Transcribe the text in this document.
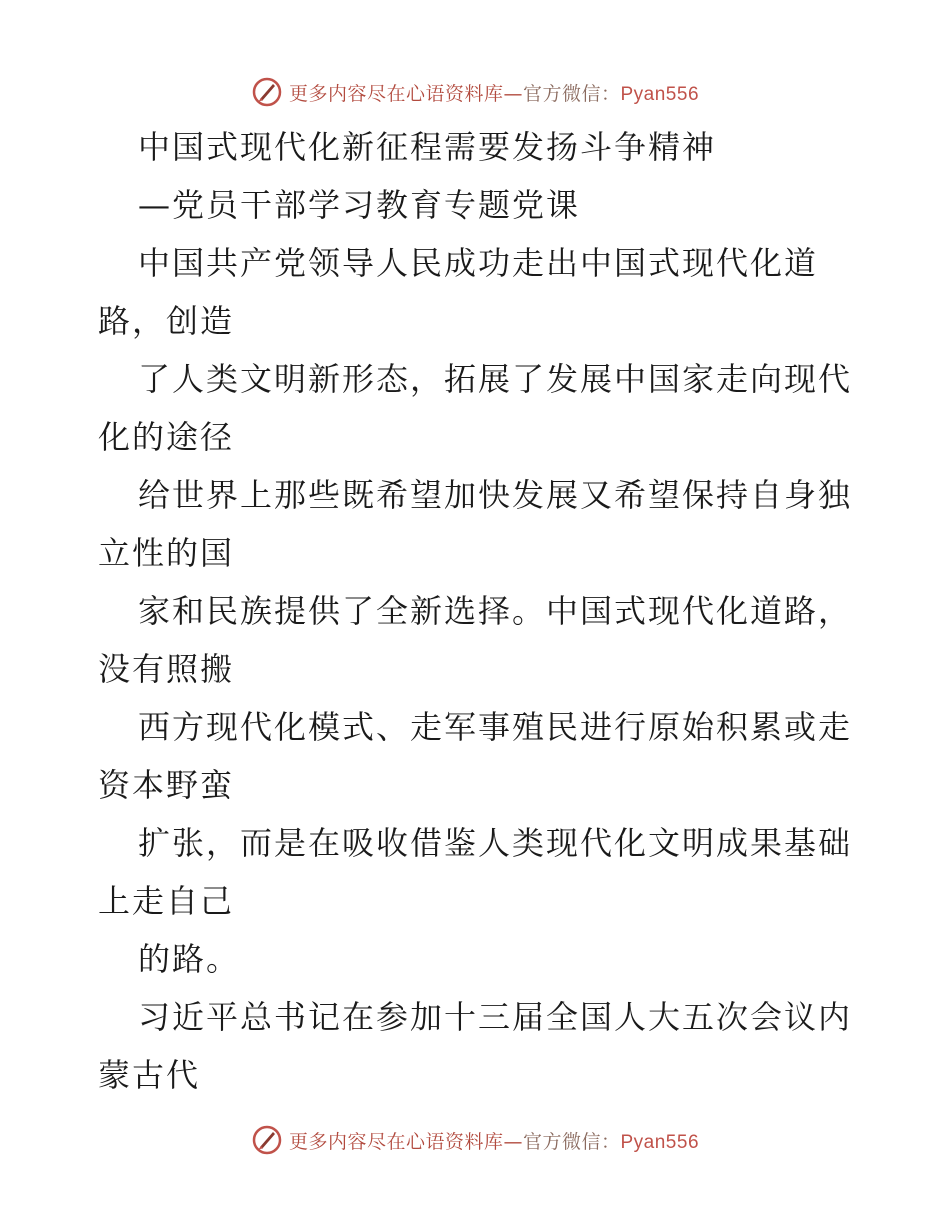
更多内容尽在心语资料库—官方微信：Pyan556
中国式现代化新征程需要发扬斗争精神
—党员干部学习教育专题党课
中国共产党领导人民成功走出中国式现代化道
路，创造
了人类文明新形态，拓展了发展中国家走向现代
化的途径
给世界上那些既希望加快发展又希望保持自身独
立性的国
家和民族提供了全新选择。中国式现代化道路，
没有照搬
西方现代化模式、走军事殖民进行原始积累或走
资本野蛮
扩张，而是在吸收借鉴人类现代化文明成果基础
上走自己
的路。
习近平总书记在参加十三届全国人大五次会议内
蒙古代
更多内容尽在心语资料库—官方微信：Pyan556
